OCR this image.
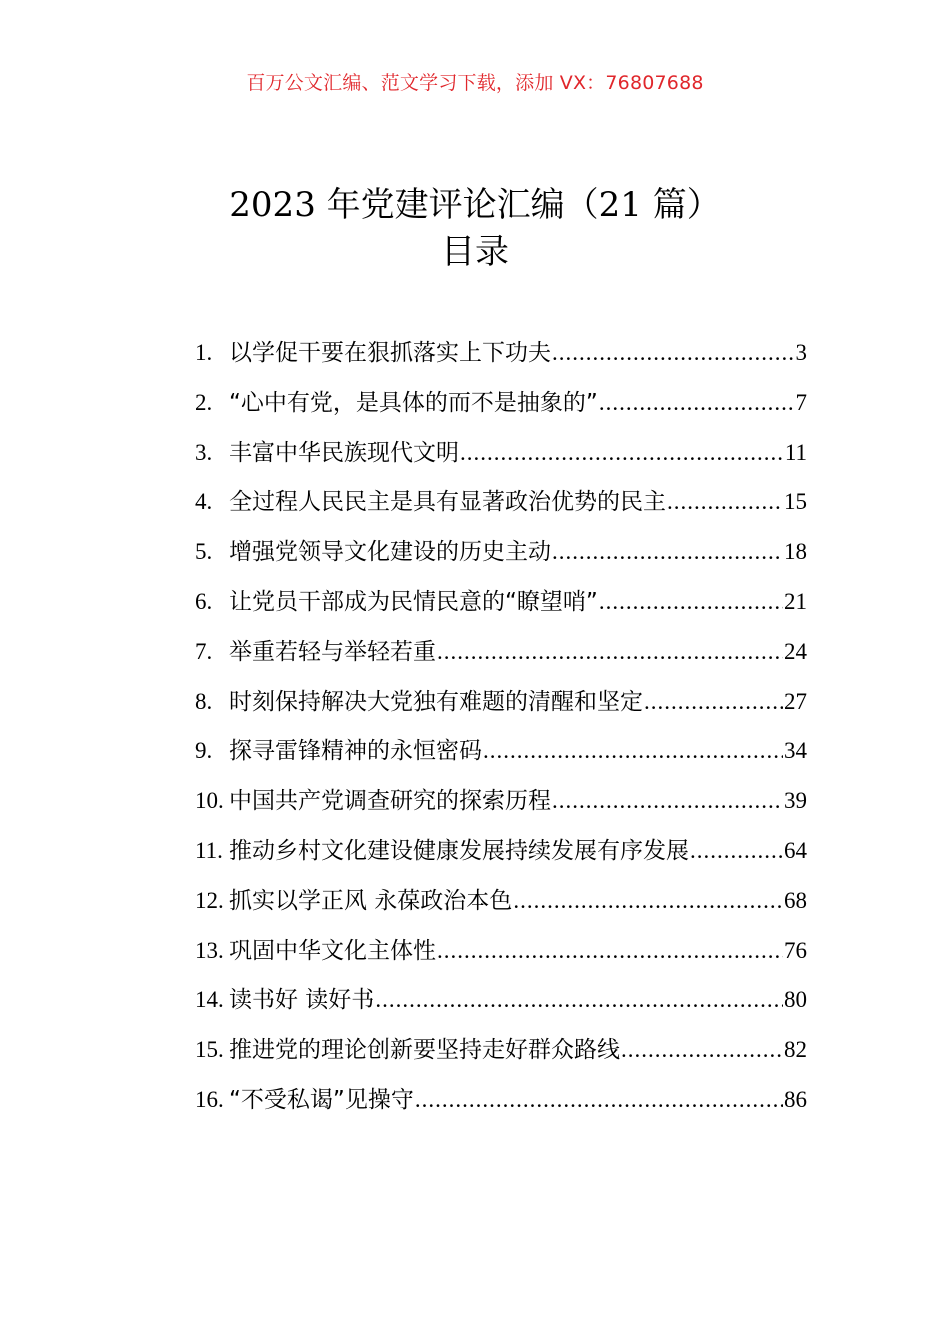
百万公文汇编、范文学习下载，添加 VX：76807688
2023 年党建评论汇编（21 篇）
目录
1. 以学促干要在狠抓落实上下功夫 .....	3
2. “心中有党，是具体的而不是抽象的” .....	7
3. 丰富中华民族现代文明 .....	11
4. 全过程人民民主是具有显著政治优势的民主 .....	15
5. 增强党领导文化建设的历史主动 .....	18
6. 让党员干部成为民情民意的“瞭望哨” .....	21
7. 举重若轻与举轻若重 .....	24
8. 时刻保持解决大党独有难题的清醒和坚定 .....	27
9. 探寻雷锋精神的永恒密码 .....	34
10. 中国共产党调查研究的探索历程 .....	39
11. 推动乡村文化建设健康发展持续发展有序发展 .....	64
12. 抓实以学正风 永葆政治本色 .....	68
13. 巩固中华文化主体性 .....	76
14. 读书好 读好书 .....	80
15. 推进党的理论创新要坚持走好群众路线 .....	82
16. “不受私谒”见操守 .....	86
